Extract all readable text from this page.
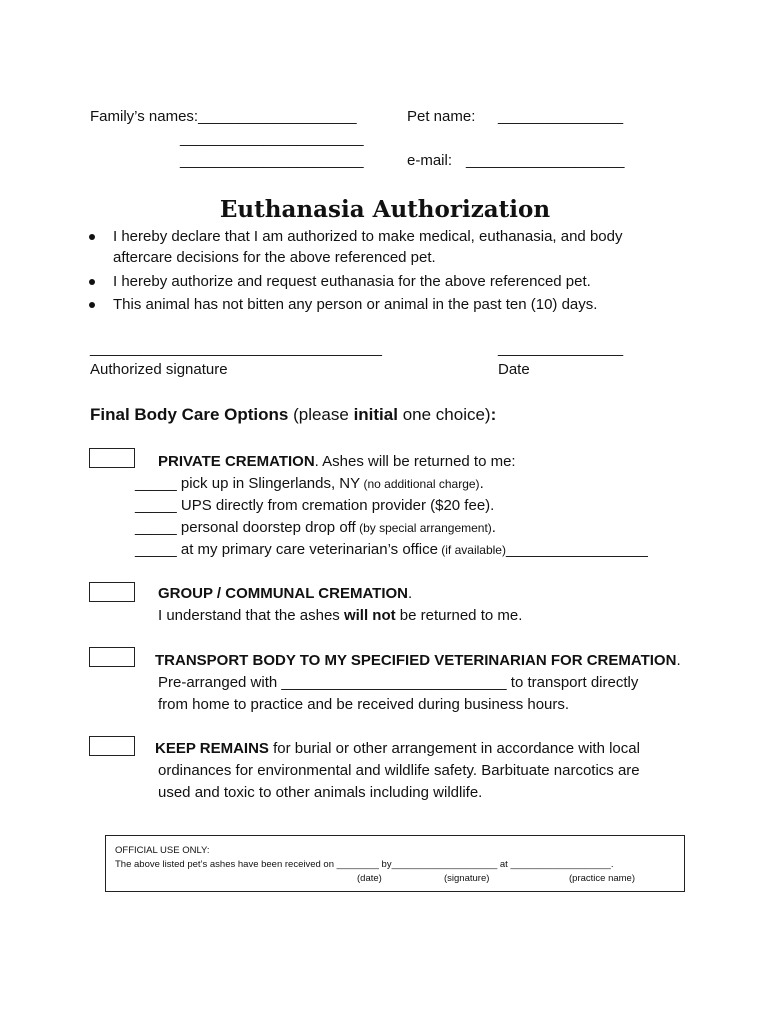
Family’s names:___________________
______________________
______________________
Pet name: _______________
e-mail: ___________________
Euthanasia Authorization
I hereby declare that I am authorized to make medical, euthanasia, and body
aftercare decisions for the above referenced pet.
I hereby authorize and request euthanasia for the above referenced pet.
This animal has not bitten any person or animal in the past ten (10) days.
___________________________________
Authorized signature
_______________
Date
Final Body Care Options (please initial one choice):
PRIVATE CREMATION. Ashes will be returned to me:
_____ pick up in Slingerlands, NY (no additional charge).
_____ UPS directly from cremation provider ($20 fee).
_____ personal doorstep drop off (by special arrangement).
_____ at my primary care veterinarian’s office (if available)_________________
GROUP / COMMUNAL CREMATION.
I understand that the ashes will not be returned to me.
TRANSPORT BODY TO MY SPECIFIED VETERINARIAN FOR CREMATION.
Pre-arranged with ___________________________ to transport directly
from home to practice and be received during business hours.
KEEP REMAINS for burial or other arrangement in accordance with local
ordinances for environmental and wildlife safety. Barbituate narcotics are
used and toxic to other animals including wildlife.
OFFICIAL USE ONLY:
The above listed pet’s ashes have been received on ________ by____________________ at ___________________.
(date)	(signature)	(practice name)
